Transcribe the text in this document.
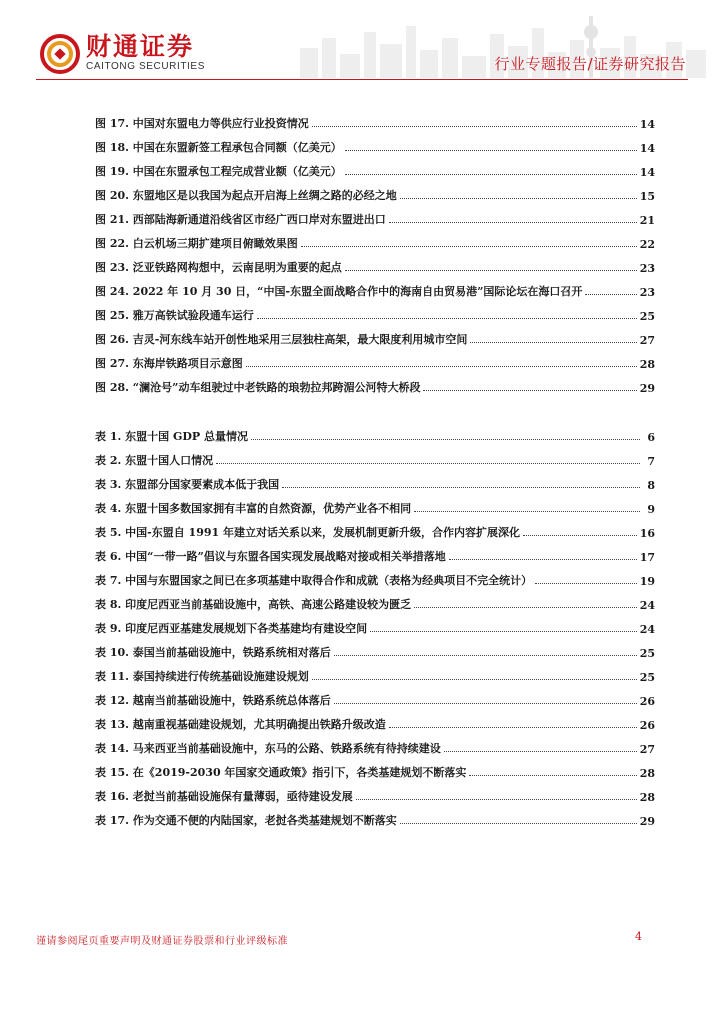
财通证券
CAITONG SECURITIES	行业专题报告/证券研究报告
图 17. 中国对东盟电力等供应行业投资情况	14
图 18. 中国在东盟新签工程承包合同额（亿美元）	14
图 19. 中国在东盟承包工程完成营业额（亿美元）	14
图 20. 东盟地区是以我国为起点开启海上丝绸之路的必经之地	15
图 21. 西部陆海新通道沿线省区市经广西口岸对东盟进出口	21
图 22. 白云机场三期扩建项目俯瞰效果图	22
图 23. 泛亚铁路网构想中，云南昆明为重要的起点	23
图 24. 2022 年 10 月 30 日，“中国-东盟全面战略合作中的海南自由贸易港”国际论坛在海口召开	23
图 25. 雅万高铁试验段通车运行	25
图 26. 吉灵-河东线车站开创性地采用三层独柱高架，最大限度利用城市空间	27
图 27. 东海岸铁路项目示意图	28
图 28. “澜沧号”动车组驶过中老铁路的琅勃拉邦跨湄公河特大桥段	29
表 1. 东盟十国 GDP 总量情况	6
表 2. 东盟十国人口情况	7
表 3. 东盟部分国家要素成本低于我国	8
表 4. 东盟十国多数国家拥有丰富的自然资源，优势产业各不相同	9
表 5. 中国-东盟自 1991 年建立对话关系以来，发展机制更新升级，合作内容扩展深化	16
表 6. 中国“一带一路”倡议与东盟各国实现发展战略对接或相关举措落地	17
表 7. 中国与东盟国家之间已在多项基建中取得合作和成就（表格为经典项目不完全统计）	19
表 8. 印度尼西亚当前基础设施中，高铁、高速公路建设较为匮乏	24
表 9. 印度尼西亚基建发展规划下各类基建均有建设空间	24
表 10. 泰国当前基础设施中，铁路系统相对落后	25
表 11. 泰国持续进行传统基础设施建设规划	25
表 12. 越南当前基础设施中，铁路系统总体落后	26
表 13. 越南重视基础建设规划，尤其明确提出铁路升级改造	26
表 14. 马来西亚当前基础设施中，东马的公路、铁路系统有待持续建设	27
表 15. 在《2019-2030 年国家交通政策》指引下，各类基建规划不断落实	28
表 16. 老挝当前基础设施保有量薄弱，亟待建设发展	28
表 17. 作为交通不便的内陆国家，老挝各类基建规划不断落实	29
谨请参阅尾页重要声明及财通证券股票和行业评级标准	4
